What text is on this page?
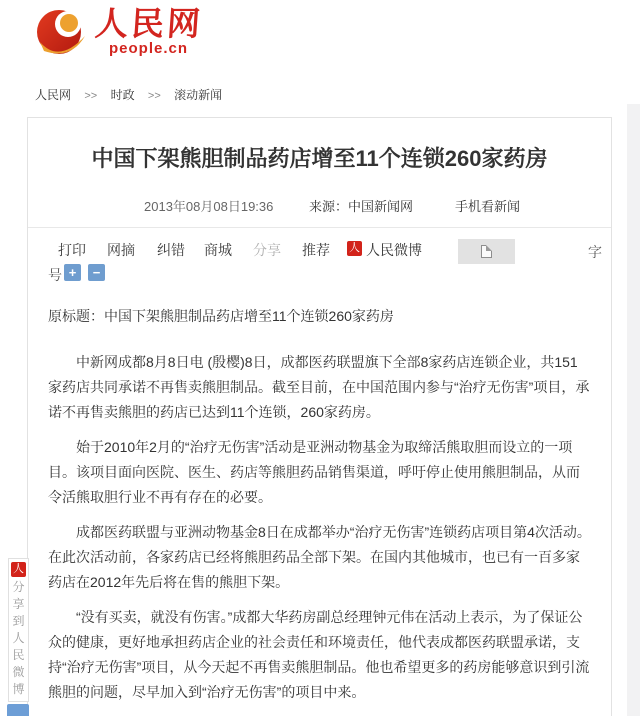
人民网
people.cn
人民网 >> 时政 >> 滚动新闻
中国下架熊胆制品药店增至11个连锁260家药房
2013年08月08日19:36	来源：中国新闻网	手机看新闻
打印 网摘 纠错 商城 分享 推荐 人 人民微博	字
号 +	−

原标题：中国下架熊胆制品药店增至11个连锁260家药房

中新网成都8月8日电 (殷樱)8日，成都医药联盟旗下全部8家药店连锁企业，共151家药店共同承诺不再售卖熊胆制品。截至目前，在中国范围内参与“治疗无伤害”项目，承诺不再售卖熊胆的药店已达到11个连锁，260家药房。

始于2010年2月的“治疗无伤害”活动是亚洲动物基金为取缔活熊取胆而设立的一项目。该项目面向医院、医生、药店等熊胆药品销售渠道，呼吁停止使用熊胆制品，从而令活熊取胆行业不再有存在的必要。

成都医药联盟与亚洲动物基金8日在成都举办“治疗无伤害”连锁药店项目第4次活动。在此次活动前，各家药店已经将熊胆药品全部下架。在国内其他城市，也已有一百多家药店在2012年先后将在售的熊胆下架。

“没有买卖，就没有伤害。”成都大华药房副总经理钟元伟在活动上表示，为了保证公众的健康，更好地承担药店企业的社会责任和环境责任，他代表成都医药联盟承诺，支持“治疗无伤害”项目，从今天起不再售卖熊胆制品。他也希望更多的药房能够意识到引流熊胆的问题，尽早加入到“治疗无伤害”的项目中来。

人
分享到人民微博
